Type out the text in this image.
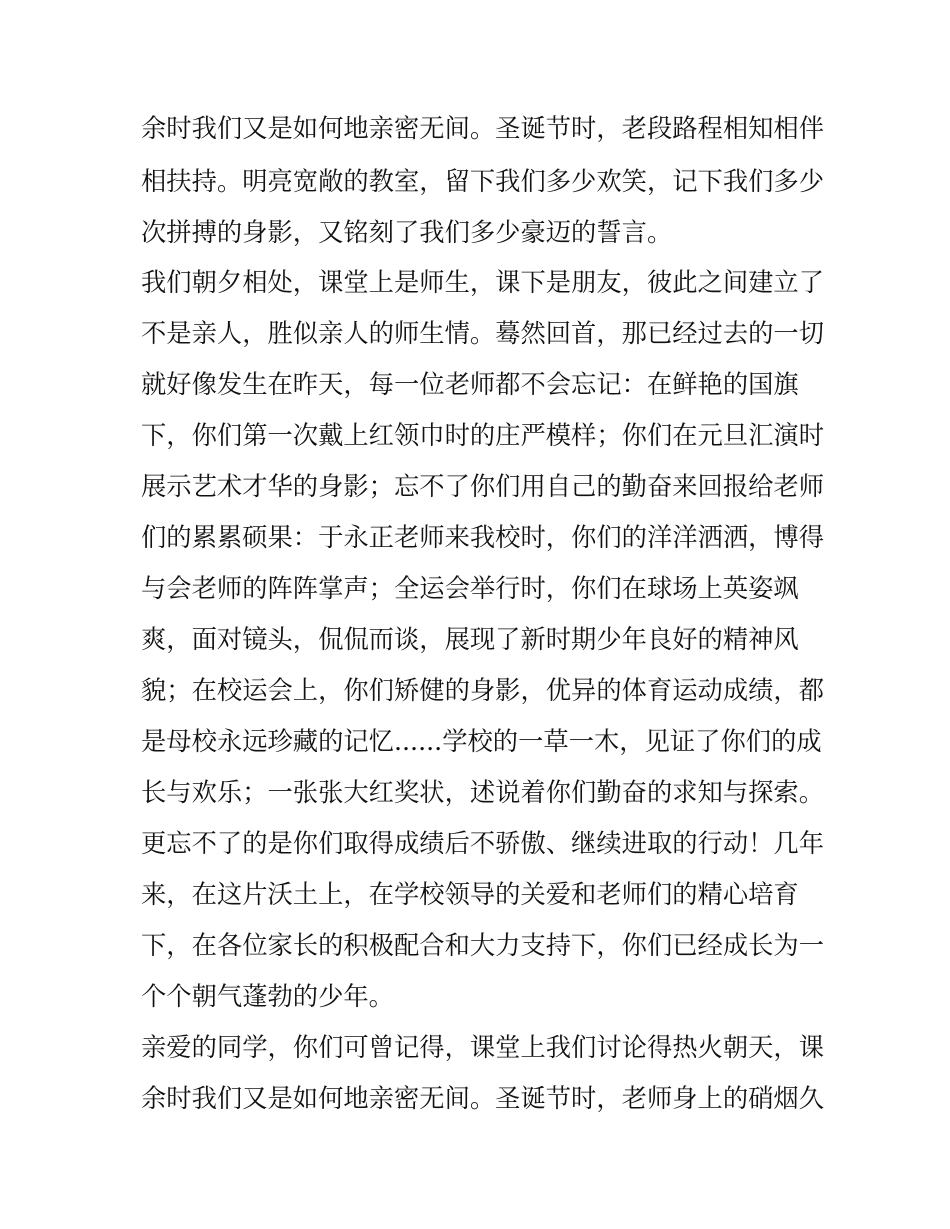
余时我们又是如何地亲密无间。圣诞节时，老段路程相知相伴
相扶持。明亮宽敞的教室，留下我们多少欢笑，记下我们多少
次拼搏的身影，又铭刻了我们多少豪迈的誓言。
我们朝夕相处，课堂上是师生，课下是朋友，彼此之间建立了
不是亲人，胜似亲人的师生情。蓦然回首，那已经过去的一切
就好像发生在昨天，每一位老师都不会忘记：在鲜艳的国旗
下，你们第一次戴上红领巾时的庄严模样；你们在元旦汇演时
展示艺术才华的身影；忘不了你们用自己的勤奋来回报给老师
们的累累硕果：于永正老师来我校时，你们的洋洋洒洒，博得
与会老师的阵阵掌声；全运会举行时，你们在球场上英姿飒
爽，面对镜头，侃侃而谈，展现了新时期少年良好的精神风
貌；在校运会上，你们矫健的身影，优异的体育运动成绩，都
是母校永远珍藏的记忆......学校的一草一木，见证了你们的成
长与欢乐；一张张大红奖状，述说着你们勤奋的求知与探索。
更忘不了的是你们取得成绩后不骄傲、继续进取的行动！几年
来，在这片沃土上，在学校领导的关爱和老师们的精心培育
下，在各位家长的积极配合和大力支持下，你们已经成长为一
个个朝气蓬勃的少年。
亲爱的同学，你们可曾记得，课堂上我们讨论得热火朝天，课
余时我们又是如何地亲密无间。圣诞节时，老师身上的硝烟久
